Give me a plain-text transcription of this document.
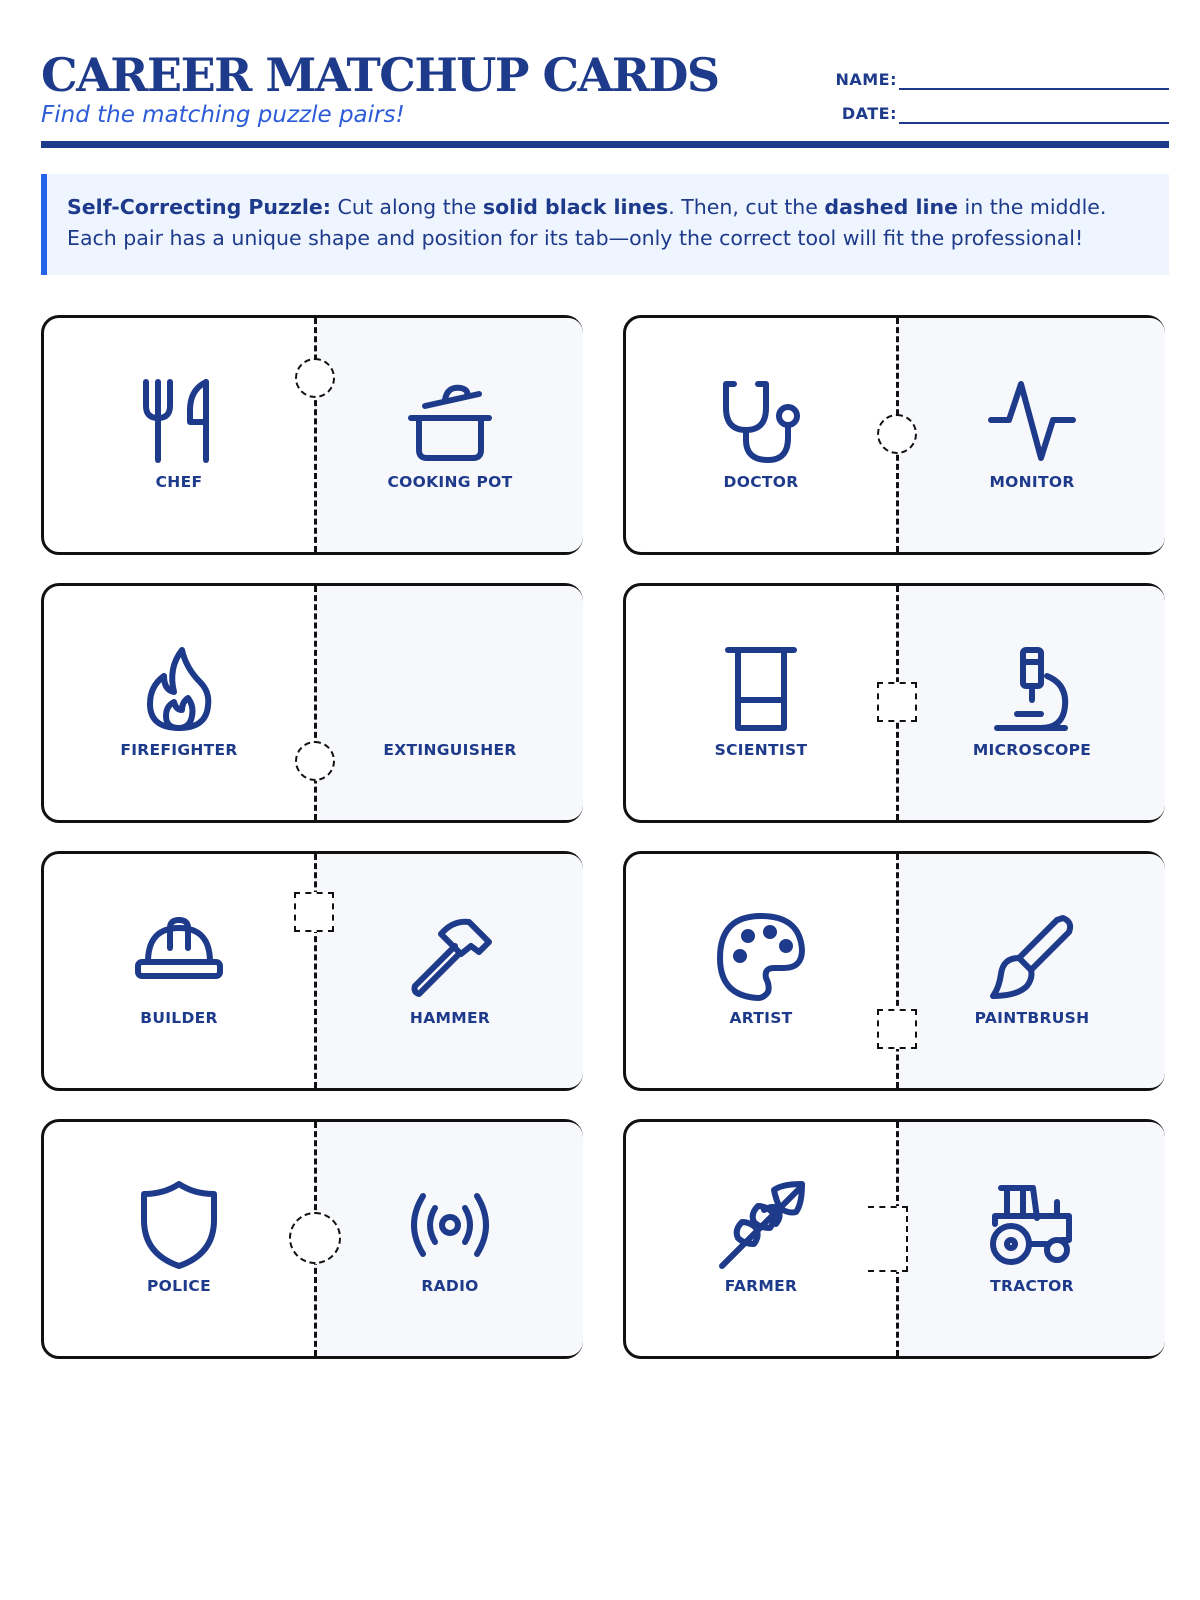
CAREER MATCHUP CARDS
Find the matching puzzle pairs!
NAME:
DATE:
Self-Correcting Puzzle: Cut along the solid black lines. Then, cut the dashed line in the middle. Each pair has a unique shape and position for its tab—only the correct tool will fit the professional!
CHEF	COOKING POT	DOCTOR	MONITOR
FIREFIGHTER	EXTINGUISHER	SCIENTIST	MICROSCOPE
BUILDER	HAMMER	ARTIST	PAINTBRUSH
POLICE	RADIO	FARMER	TRACTOR
